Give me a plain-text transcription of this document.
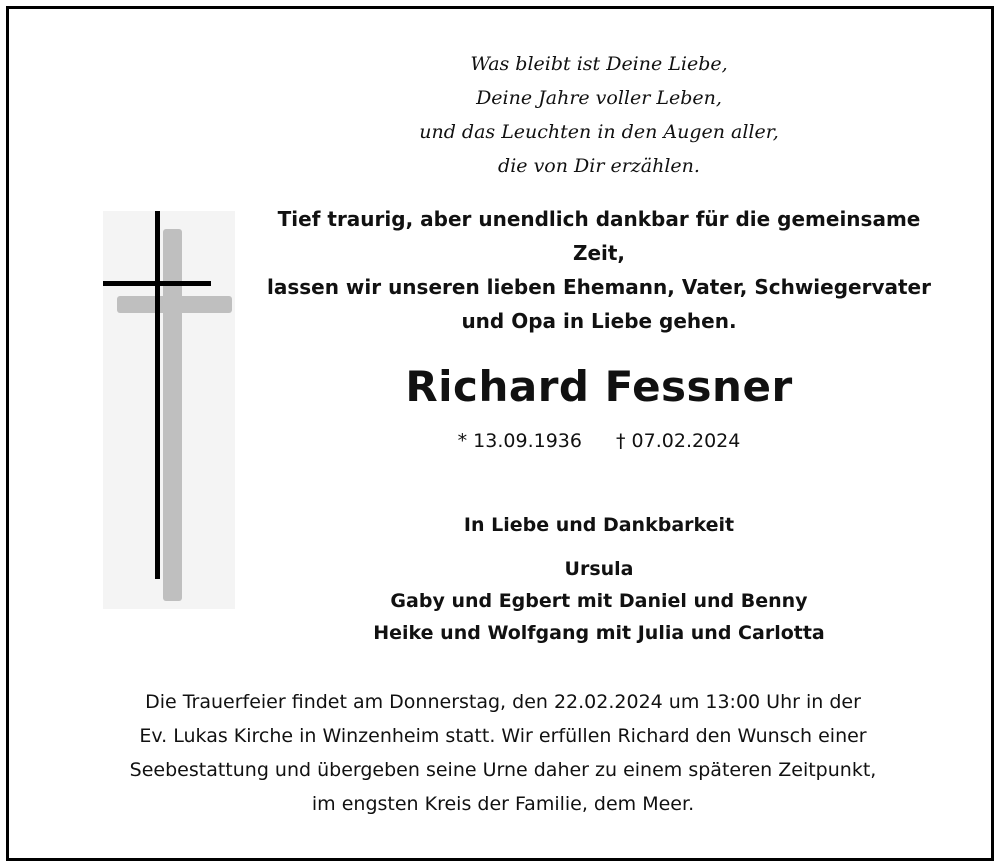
Was bleibt ist Deine Liebe,
Deine Jahre voller Leben,
und das Leuchten in den Augen aller,
die von Dir erzählen.
Tief traurig, aber unendlich dankbar für die gemeinsame Zeit,
lassen wir unseren lieben Ehemann, Vater, Schwiegervater
und Opa in Liebe gehen.
Richard Fessner
* 13.09.1936 † 07.02.2024
In Liebe und Dankbarkeit
Ursula
Gaby und Egbert mit Daniel und Benny
Heike und Wolfgang mit Julia und Carlotta
Die Trauerfeier findet am Donnerstag, den 22.02.2024 um 13:00 Uhr in der
Ev. Lukas Kirche in Winzenheim statt. Wir erfüllen Richard den Wunsch einer
Seebestattung und übergeben seine Urne daher zu einem späteren Zeitpunkt,
im engsten Kreis der Familie, dem Meer.
